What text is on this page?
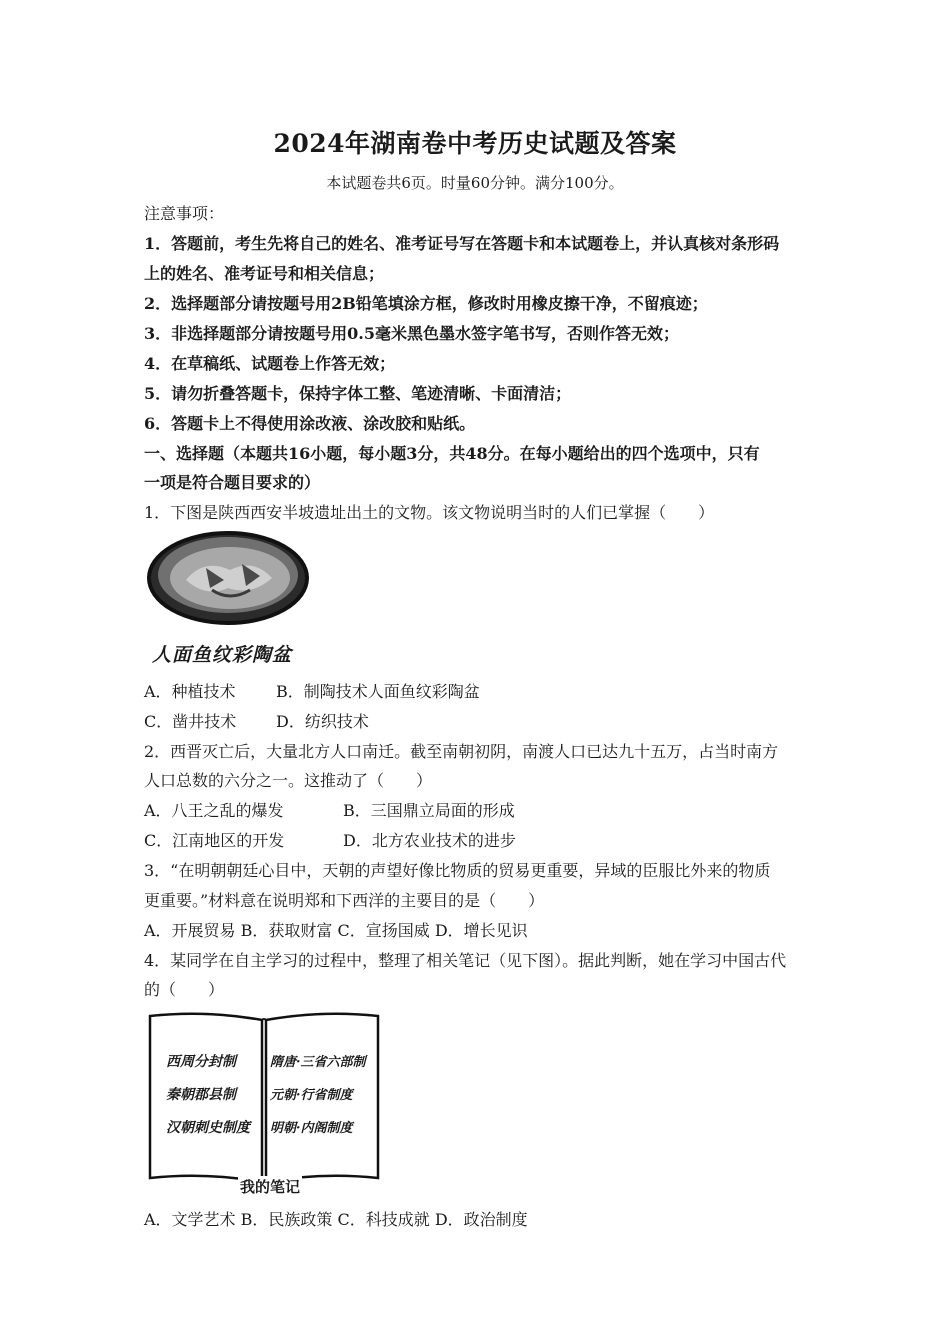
2024年湖南卷中考历史试题及答案
本试题卷共6页。时量60分钟。满分100分。
注意事项：
1．答题前，考生先将自己的姓名、准考证号写在答题卡和本试题卷上，并认真核对条形码
上的姓名、准考证号和相关信息；
2．选择题部分请按题号用2B铅笔填涂方框，修改时用橡皮擦干净，不留痕迹；
3．非选择题部分请按题号用0.5毫米黑色墨水签字笔书写，否则作答无效；
4．在草稿纸、试题卷上作答无效；
5．请勿折叠答题卡，保持字体工整、笔迹清晰、卡面清洁；
6．答题卡上不得使用涂改液、涂改胶和贴纸。
一、选择题（本题共16小题，每小题3分，共48分。在每小题给出的四个选项中，只有
一项是符合题目要求的）
1．下图是陕西西安半坡遗址出土的文物。该文物说明当时的人们已掌握（　　）
人面鱼纹彩陶盆
A．种植技术	B．制陶技术人面鱼纹彩陶盆
C．凿井技术 D．纺织技术
2．西晋灭亡后，大量北方人口南迁。截至南朝初阴，南渡人口已达九十五万，占当时南方
人口总数的六分之一。这推动了（　　）
A．八王之乱的爆发	B．三国鼎立局面的形成
C．江南地区的开发	D．北方农业技术的进步
3．“在明朝朝廷心目中，天朝的声望好像比物质的贸易更重要，异域的臣服比外来的物质
更重要。”材料意在说明郑和下西洋的主要目的是（　　）
A．开展贸易 B．获取财富 C．宣扬国威 D．增长见识
4．某同学在自主学习的过程中，整理了相关笔记（见下图）。据此判断，她在学习中国古代
的（　　）
西周分封制
秦朝郡县制
汉朝刺史制度
隋唐·三省六部制
元朝·行省制度
明朝·内阁制度
我的笔记
A．文学艺术 B．民族政策 C．科技成就 D．政治制度
